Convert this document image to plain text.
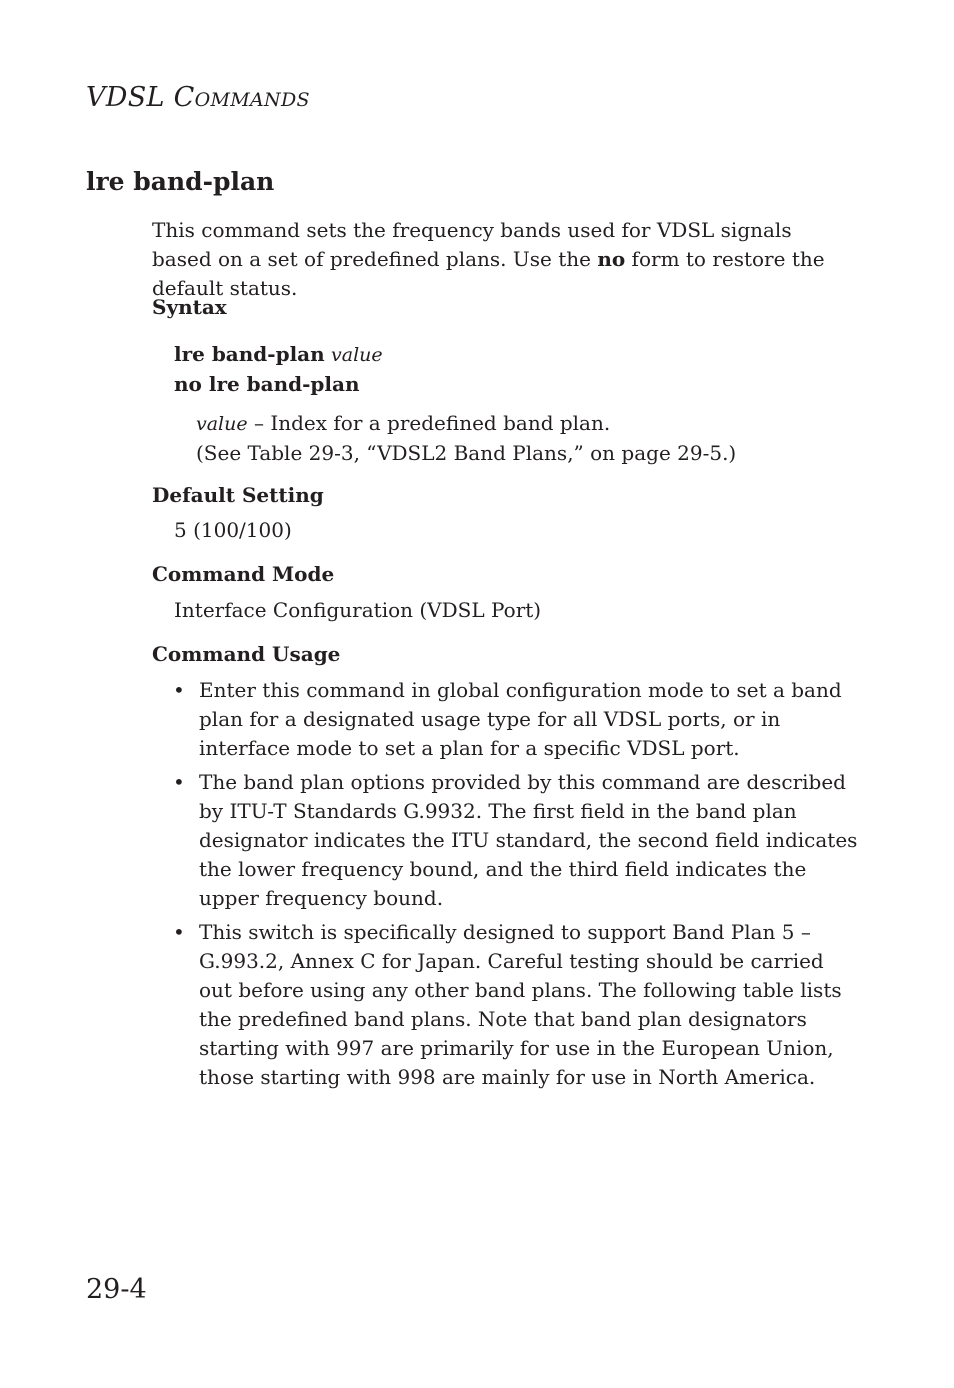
VDSL COMMANDS
lre band-plan
This command sets the frequency bands used for VDSL signals based on a set of predefined plans. Use the no form to restore the default status.
Syntax
lre band-plan value
no lre band-plan
value – Index for a predefined band plan.
(See Table 29-3, “VDSL2 Band Plans,” on page 29-5.)
Default Setting
5 (100/100)
Command Mode
Interface Configuration (VDSL Port)
Command Usage
• Enter this command in global configuration mode to set a band plan for a designated usage type for all VDSL ports, or in interface mode to set a plan for a specific VDSL port.
• The band plan options provided by this command are described by ITU-T Standards G.9932. The first field in the band plan designator indicates the ITU standard, the second field indicates the lower frequency bound, and the third field indicates the upper frequency bound.
• This switch is specifically designed to support Band Plan 5 – G.993.2, Annex C for Japan. Careful testing should be carried out before using any other band plans. The following table lists the predefined band plans. Note that band plan designators starting with 997 are primarily for use in the European Union, those starting with 998 are mainly for use in North America.
29-4
